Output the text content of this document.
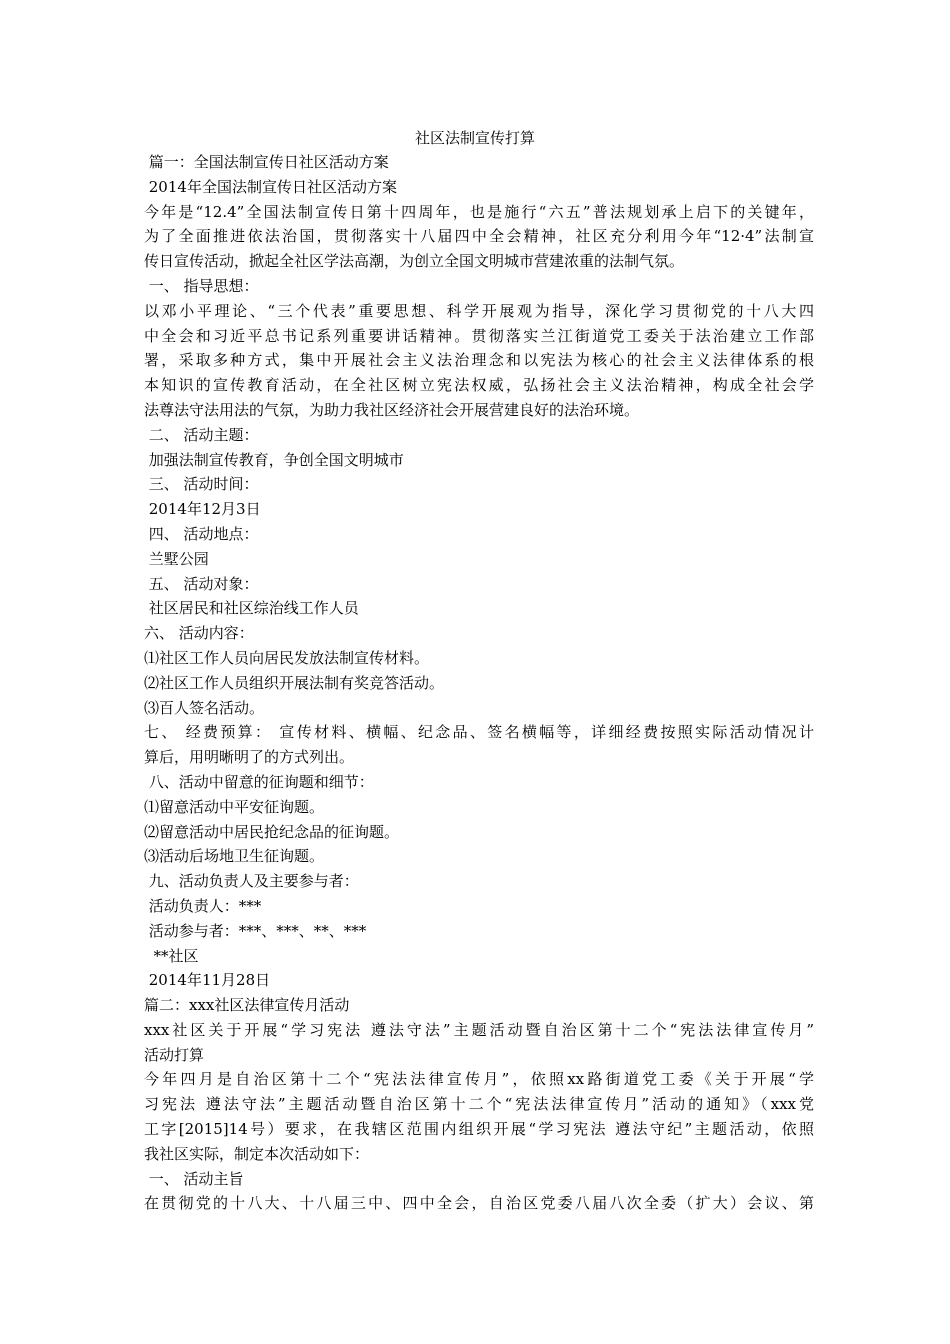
社区法制宣传打算
篇一：全国法制宣传日社区活动方案
2014年全国法制宣传日社区活动方案
今年是“12.4”全国法制宣传日第十四周年，也是施行“六五”普法规划承上启下的关键年，
为了全面推进依法治国，贯彻落实十八届四中全会精神，社区充分利用今年“12·4”法制宣
传日宣传活动，掀起全社区学法高潮，为创立全国文明城市营建浓重的法制气氛。
一、 指导思想：
以邓小平理论、“三个代表”重要思想、科学开展观为指导，深化学习贯彻党的十八大四
中全会和习近平总书记系列重要讲话精神。贯彻落实兰江街道党工委关于法治建立工作部
署，采取多种方式，集中开展社会主义法治理念和以宪法为核心的社会主义法律体系的根
本知识的宣传教育活动，在全社区树立宪法权威，弘扬社会主义法治精神，构成全社会学
法尊法守法用法的气氛，为助力我社区经济社会开展营建良好的法治环境。
二、 活动主题：
加强法制宣传教育，争创全国文明城市
三、 活动时间：
2014年12月3日
四、 活动地点：
兰墅公园
五、 活动对象：
社区居民和社区综治线工作人员
六、 活动内容：
⑴社区工作人员向居民发放法制宣传材料。
⑵社区工作人员组织开展法制有奖竞答活动。
⑶百人签名活动。
七、 经费预算： 宣传材料、横幅、纪念品、签名横幅等，详细经费按照实际活动情况计
算后，用明晰明了的方式列出。
八、活动中留意的征询题和细节：
⑴留意活动中平安征询题。
⑵留意活动中居民抢纪念品的征询题。
⑶活动后场地卫生征询题。
九、活动负责人及主要参与者：
活动负责人：***
活动参与者：***、***、**、***
**社区
2014年11月28日
篇二：xxx社区法律宣传月活动
xxx社区关于开展“学习宪法 遵法守法”主题活动暨自治区第十二个“宪法法律宣传月”
活动打算
今年四月是自治区第十二个“宪法法律宣传月”，依照xx路街道党工委《关于开展“学
习宪法 遵法守法”主题活动暨自治区第十二个“宪法法律宣传月”活动的通知》（xxx党
工字[2015]14号）要求，在我辖区范围内组织开展“学习宪法 遵法守纪”主题活动，依照
我社区实际，制定本次活动如下：
一、 活动主旨
在贯彻党的十八大、十八届三中、四中全会，自治区党委八届八次全委（扩大）会议、第
